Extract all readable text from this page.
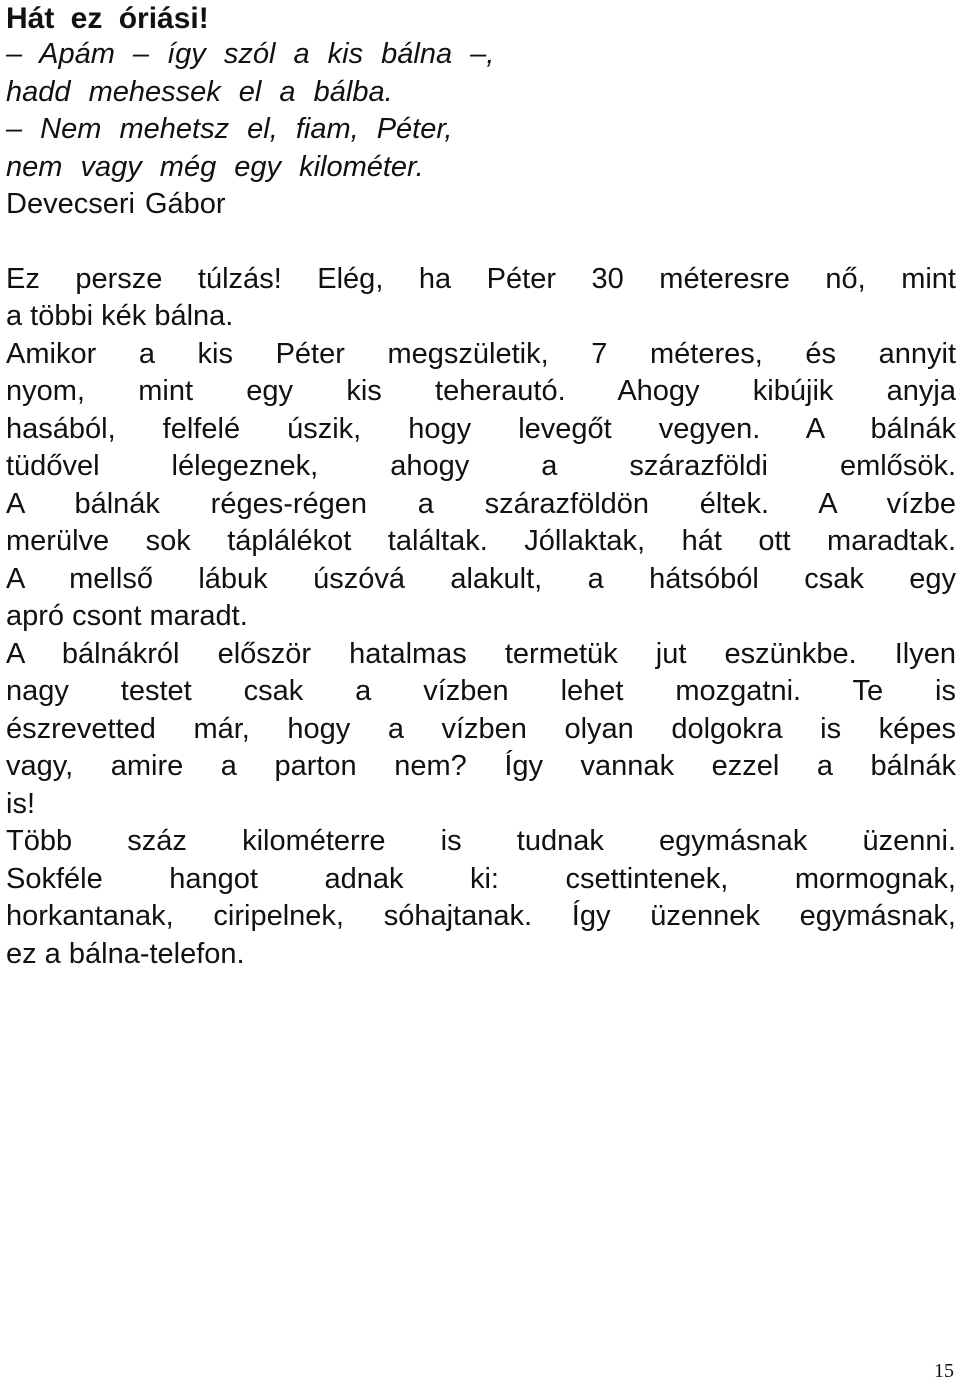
Hát ez óriási!
– Apám – így szól a kis bálna –,
hadd mehessek el a bálba.
– Nem mehetsz el, fiam, Péter,
nem vagy még egy kilométer.
Devecseri Gábor
Ez persze túlzás! Elég, ha Péter 30 méteresre nő, mint
a többi kék bálna.
Amikor a kis Péter megszületik, 7 méteres, és annyit
nyom, mint egy kis teherautó. Ahogy kibújik anyja
hasából, felfelé úszik, hogy levegőt vegyen. A bálnák
tüdővel lélegeznek, ahogy a szárazföldi emlősök.
A bálnák réges-régen a szárazföldön éltek. A vízbe
merülve sok táplálékot találtak. Jóllaktak, hát ott maradtak.
A mellső lábuk úszóvá alakult, a hátsóból csak egy
apró csont maradt.
A bálnákról először hatalmas termetük jut eszünkbe. Ilyen
nagy testet csak a vízben lehet mozgatni. Te is
észrevetted már, hogy a vízben olyan dolgokra is képes
vagy, amire a parton nem? Így vannak ezzel a bálnák
is!
Több száz kilométerre is tudnak egymásnak üzenni.
Sokféle hangot adnak ki: csettintenek, mormognak,
horkantanak, ciripelnek, sóhajtanak. Így üzennek egymásnak,
ez a bálna-telefon.
15
